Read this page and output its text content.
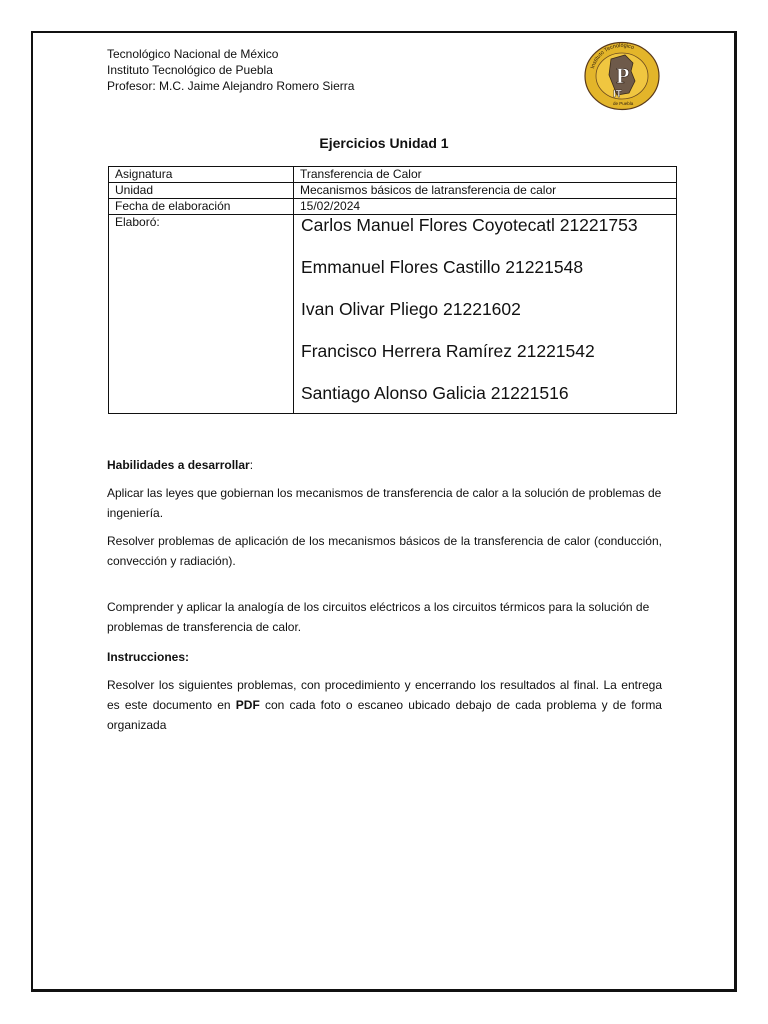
Tecnológico Nacional de México
Instituto Tecnológico de Puebla
Profesor: M.C. Jaime Alejandro Romero Sierra	P
IT
Instituto Tecnológico
de Puebla
Ejercicios Unidad 1
Asignatura	Transferencia de Calor
Unidad	Mecanismos básicos de latransferencia de calor
Fecha de elaboración	15/02/2024
Elaboró:	Carlos Manuel Flores Coyotecatl 21221753
Emmanuel Flores Castillo 21221548
Ivan Olivar Pliego 21221602
Francisco Herrera Ramírez 21221542
Santiago Alonso Galicia 21221516
Habilidades a desarrollar:
Aplicar las leyes que gobiernan los mecanismos de transferencia de calor a la solución de problemas de ingeniería.
Resolver problemas de aplicación de los mecanismos básicos de la transferencia de calor (conducción, convección y radiación).
Comprender y aplicar la analogía de los circuitos eléctricos a los circuitos térmicos para la solución de problemas de transferencia de calor.
Instrucciones:
Resolver los siguientes problemas, con procedimiento y encerrando los resultados al final. La entrega es este documento en PDF con cada foto o escaneo ubicado debajo de cada problema y de forma organizada
